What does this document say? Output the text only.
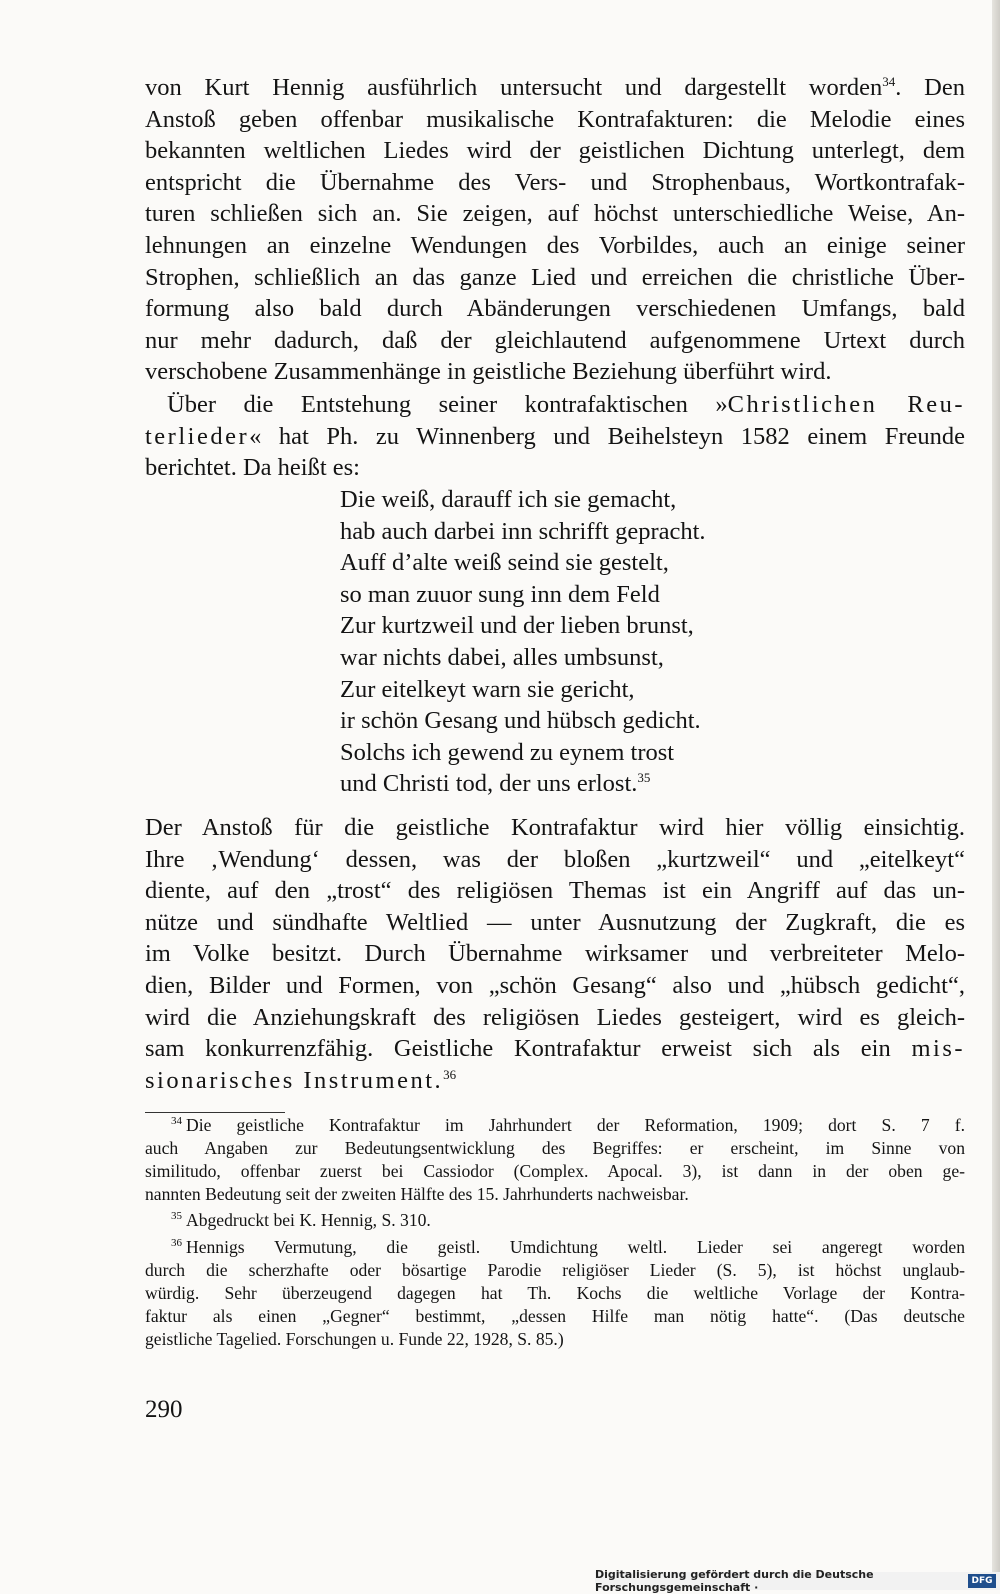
von Kurt Hennig ausführlich untersucht und dargestellt worden$^{34}$. Den
Anstoß geben offenbar musikalische Kontrafakturen: die Melodie eines
bekannten weltlichen Liedes wird der geistlichen Dichtung unterlegt, dem
entspricht die Übernahme des Vers- und Strophenbaus, Wortkontrafak-
turen schließen sich an. Sie zeigen, auf höchst unterschiedliche Weise, An-
lehnungen an einzelne Wendungen des Vorbildes, auch an einige seiner
Strophen, schließlich an das ganze Lied und erreichen die christliche Über-
formung also bald durch Abänderungen verschiedenen Umfangs, bald
nur mehr dadurch, daß der gleichlautend aufgenommene Urtext durch
verschobene Zusammenhänge in geistliche Beziehung überführt wird.
Über die Entstehung seiner kontrafaktischen »Christlichen Reu-
terlieder« hat Ph. zu Winnenberg und Beihelsteyn 1582 einem Freunde
berichtet. Da heißt es:
Die weiß, darauff ich sie gemacht,
hab auch darbei inn schrifft gepracht.
Auff d’alte weiß seind sie gestelt,
so man zuuor sung inn dem Feld
Zur kurtzweil und der lieben brunst,
war nichts dabei, alles umbsunst,
Zur eitelkeyt warn sie gericht,
ir schön Gesang und hübsch gedicht.
Solchs ich gewend zu eynem trost
und Christi tod, der uns erlost.$^{35}$
Der Anstoß für die geistliche Kontrafaktur wird hier völlig einsichtig.
Ihre ‚Wendung‘ dessen, was der bloßen „kurtzweil“ und „eitelkeyt“
diente, auf den „trost“ des religiösen Themas ist ein Angriff auf das un-
nütze und sündhafte Weltlied — unter Ausnutzung der Zugkraft, die es
im Volke besitzt. Durch Übernahme wirksamer und verbreiteter Melo-
dien, Bilder und Formen, von „schön Gesang“ also und „hübsch gedicht“,
wird die Anziehungskraft des religiösen Liedes gesteigert, wird es gleich-
sam konkurrenzfähig. Geistliche Kontrafaktur erweist sich als ein mis-
sionarisches Instrument.$^{36}$
$^{34}$ Die geistliche Kontrafaktur im Jahrhundert der Reformation, 1909; dort S. 7 f.
auch Angaben zur Bedeutungsentwicklung des Begriffes: er erscheint, im Sinne von
similitudo, offenbar zuerst bei Cassiodor (Complex. Apocal. 3), ist dann in der oben ge-
nannten Bedeutung seit der zweiten Hälfte des 15. Jahrhunderts nachweisbar.
$^{35}$ Abgedruckt bei K. Hennig, S. 310.
$^{36}$ Hennigs Vermutung, die geistl. Umdichtung weltl. Lieder sei angeregt worden
durch die scherzhafte oder bösartige Parodie religiöser Lieder (S. 5), ist höchst unglaub-
würdig. Sehr überzeugend dagegen hat Th. Kochs die weltliche Vorlage der Kontra-
faktur als einen „Gegner“ bestimmt, „dessen Hilfe man nötig hatte“. (Das deutsche
geistliche Tagelied. Forschungen u. Funde 22, 1928, S. 85.)
290
Digitalisierung gefördert durch die Deutsche Forschungsgemeinschaft ·	DFG
